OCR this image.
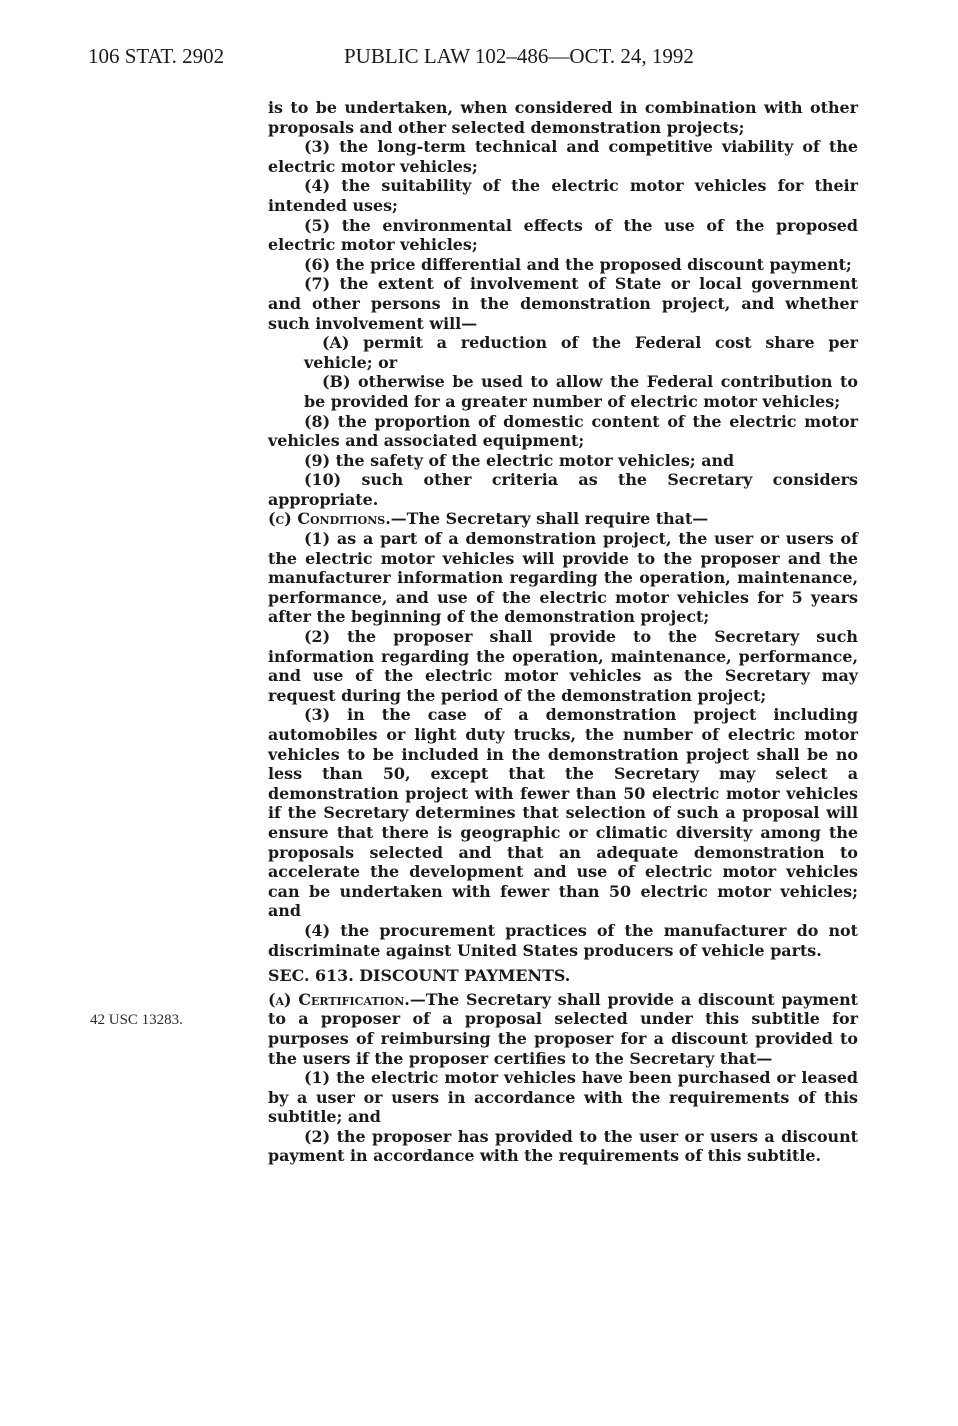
106 STAT. 2902	PUBLIC LAW 102–486—OCT. 24, 1992
42 USC 13283.

is to be undertaken, when considered in combination with other proposals and other selected demonstration projects;

(3) the long-term technical and competitive viability of the electric motor vehicles;

(4) the suitability of the electric motor vehicles for their intended uses;

(5) the environmental effects of the use of the proposed electric motor vehicles;

(6) the price differential and the proposed discount payment;

(7) the extent of involvement of State or local government and other persons in the demonstration project, and whether such involvement will—

(A) permit a reduction of the Federal cost share per vehicle; or

(B) otherwise be used to allow the Federal contribution to be provided for a greater number of electric motor vehicles;

(8) the proportion of domestic content of the electric motor vehicles and associated equipment;

(9) the safety of the electric motor vehicles; and

(10) such other criteria as the Secretary considers appropriate.

(c) Conditions.—The Secretary shall require that—

(1) as a part of a demonstration project, the user or users of the electric motor vehicles will provide to the proposer and the manufacturer information regarding the operation, maintenance, performance, and use of the electric motor vehicles for 5 years after the beginning of the demonstration project;

(2) the proposer shall provide to the Secretary such information regarding the operation, maintenance, performance, and use of the electric motor vehicles as the Secretary may request during the period of the demonstration project;

(3) in the case of a demonstration project including automobiles or light duty trucks, the number of electric motor vehicles to be included in the demonstration project shall be no less than 50, except that the Secretary may select a demonstration project with fewer than 50 electric motor vehicles if the Secretary determines that selection of such a proposal will ensure that there is geographic or climatic diversity among the proposals selected and that an adequate demonstration to accelerate the development and use of electric motor vehicles can be undertaken with fewer than 50 electric motor vehicles; and

(4) the procurement practices of the manufacturer do not discriminate against United States producers of vehicle parts.

SEC. 613. DISCOUNT PAYMENTS.

(a) Certification.—The Secretary shall provide a discount payment to a proposer of a proposal selected under this subtitle for purposes of reimbursing the proposer for a discount provided to the users if the proposer certifies to the Secretary that—

(1) the electric motor vehicles have been purchased or leased by a user or users in accordance with the requirements of this subtitle; and

(2) the proposer has provided to the user or users a discount payment in accordance with the requirements of this subtitle.
